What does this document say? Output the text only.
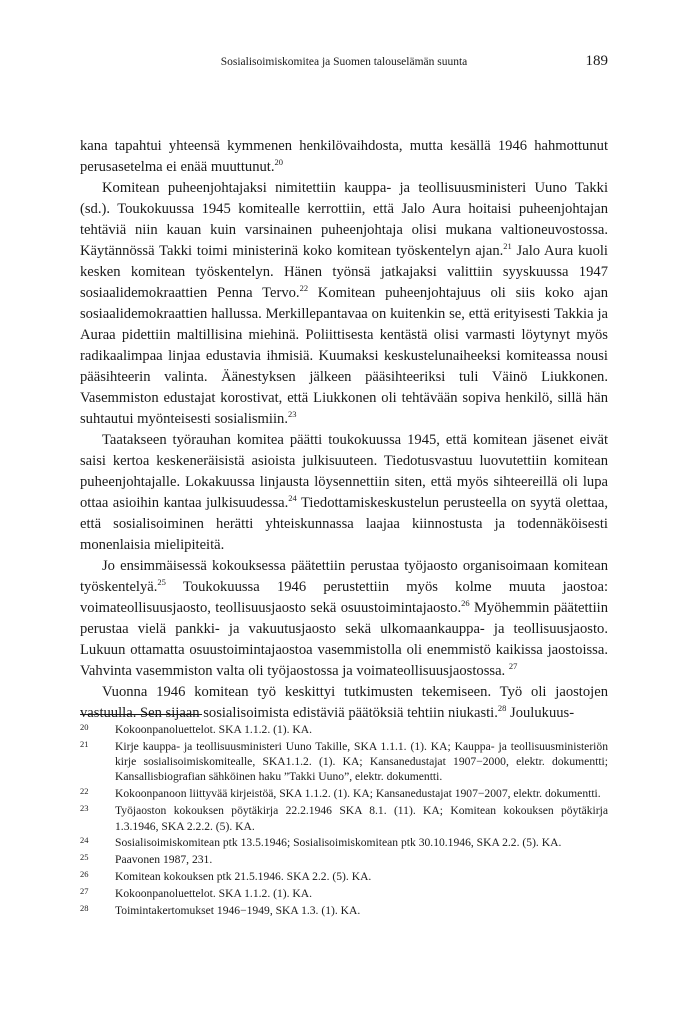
Sosialisoimiskomitea ja Suomen talouselämän suunta	189

kana tapahtui yhteensä kymmenen henkilövaihdosta, mutta kesällä 1946 hahmottunut perusasetelma ei enää muuttunut.$^{20}$

Komitean puheenjohtajaksi nimitettiin kauppa- ja teollisuusministeri Uuno Takki (sd.). Toukokuussa 1945 komitealle kerrottiin, että Jalo Aura hoitaisi puheenjohtajan tehtäviä niin kauan kuin varsinainen puheenjohtaja olisi mukana valtioneuvostossa. Käytännössä Takki toimi ministerinä koko komitean työskentelyn ajan.$^{21}$ Jalo Aura kuoli kesken komitean työskentelyn. Hänen työnsä jatkajaksi valittiin syyskuussa 1947 sosiaalidemokraattien Penna Tervo.$^{22}$ Komitean puheenjohtajuus oli siis koko ajan sosiaalidemokraattien hallussa. Merkillepantavaa on kuitenkin se, että erityisesti Takkia ja Auraa pidettiin maltillisina miehinä. Poliittisesta kentästä olisi varmasti löytynyt myös radikaalimpaa linjaa edustavia ihmisiä. Kuumaksi keskustelunaiheeksi komiteassa nousi pääsihteerin valinta. Äänestyksen jälkeen pääsihteeriksi tuli Väinö Liukkonen. Vasemmiston edustajat korostivat, että Liukkonen oli tehtävään sopiva henkilö, sillä hän suhtautui myönteisesti sosialismiin.$^{23}$

Taatakseen työrauhan komitea päätti toukokuussa 1945, että komitean jäsenet eivät saisi kertoa keskeneräisistä asioista julkisuuteen. Tiedotusvastuu luovutettiin komitean puheenjohtajalle. Lokakuussa linjausta löysennettiin siten, että myös sihteereillä oli lupa ottaa asioihin kantaa julkisuudessa.$^{24}$ Tiedottamiskeskustelun perusteella on syytä olettaa, että sosialisoiminen herätti yhteiskunnassa laajaa kiinnostusta ja todennäköisesti monenlaisia mielipiteitä.

Jo ensimmäisessä kokouksessa päätettiin perustaa työjaosto organisoimaan komitean työskentelyä.$^{25}$ Toukokuussa 1946 perustettiin myös kolme muuta jaostoa: voimateollisuusjaosto, teollisuusjaosto sekä osuustoimintajaosto.$^{26}$ Myöhemmin päätettiin perustaa vielä pankki- ja vakuutusjaosto sekä ulkomaankauppa- ja teollisuusjaosto. Lukuun ottamatta osuustoimintajaostoa vasemmistolla oli enemmistö kaikissa jaostoissa. Vahvinta vasemmiston valta oli työjaostossa ja voimateollisuusjaostossa. $^{27}$

Vuonna 1946 komitean työ keskittyi tutkimusten tekemiseen. Työ oli jaostojen vastuulla. Sen sijaan sosialisoimista edistäviä päätöksiä tehtiin niukasti.$^{28}$ Joulukuus-

20	Kokoonpanoluettelot. SKA 1.1.2. (1). KA.
21	Kirje kauppa- ja teollisuusministeri Uuno Takille, SKA 1.1.1. (1). KA; Kauppa- ja teollisuusministeriön kirje sosialisoimiskomitealle, SKA1.1.2. (1). KA; Kansanedustajat 1907−2000, elektr. dokumentti; Kansallisbiografian sähköinen haku ”Takki Uuno”, elektr. dokumentti.
22	Kokoonpanoon liittyvää kirjeistöä, SKA 1.1.2. (1). KA; Kansanedustajat 1907−2007, elektr. dokumentti.
23	Työjaoston kokouksen pöytäkirja 22.2.1946 SKA 8.1. (11). KA; Komitean kokouksen pöytäkirja 1.3.1946, SKA 2.2.2. (5). KA.
24	Sosialisoimiskomitean ptk 13.5.1946; Sosialisoimiskomitean ptk 30.10.1946, SKA 2.2. (5). KA.
25	Paavonen 1987, 231.
26	Komitean kokouksen ptk 21.5.1946. SKA 2.2. (5). KA.
27	Kokoonpanoluettelot. SKA 1.1.2. (1). KA.
28	Toimintakertomukset 1946−1949, SKA 1.3. (1). KA.
